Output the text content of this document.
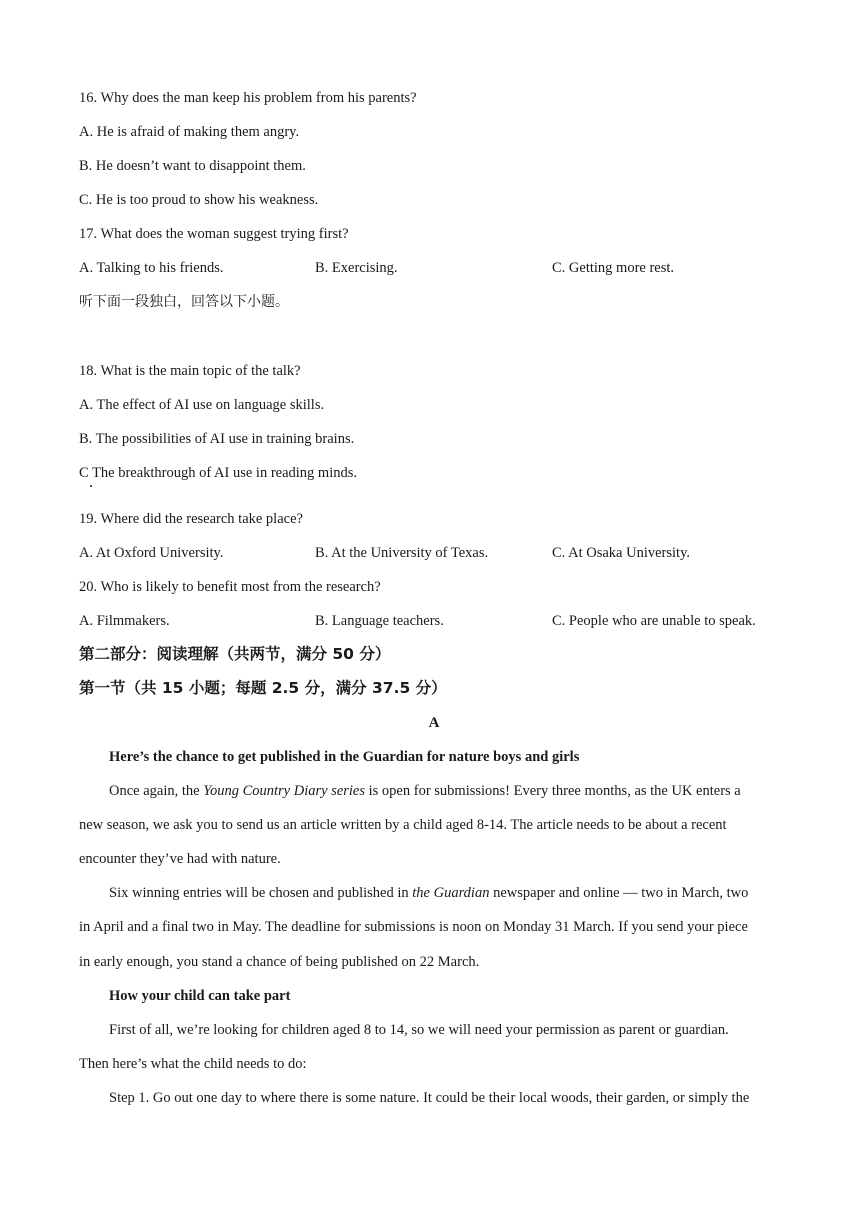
16. Why does the man keep his problem from his parents?
A. He is afraid of making them angry.
B. He doesn’t want to disappoint them.
C. He is too proud to show his weakness.
17. What does the woman suggest trying first?
A. Talking to his friends.	B. Exercising.	C. Getting more rest.
听下面一段独白，回答以下小题。
18. What is the main topic of the talk?
A. The effect of AI use on language skills.
B. The possibilities of AI use in training brains.
C The breakthrough of AI use in reading minds.
19. Where did the research take place?
A. At Oxford University.	B. At the University of Texas.	C. At Osaka University.
20. Who is likely to benefit most from the research?
A. Filmmakers.	B. Language teachers.	C. People who are unable to speak.
第二部分：阅读理解（共两节，满分 50 分）
第一节（共 15 小题；每题 2.5 分，满分 37.5 分）
A
Here’s the chance to get published in the Guardian for nature boys and girls
Once again, the Young Country Diary series is open for submissions! Every three months, as the UK enters a
new season, we ask you to send us an article written by a child aged 8-14. The article needs to be about a recent
encounter they’ve had with nature.
Six winning entries will be chosen and published in the Guardian newspaper and online — two in March, two
in April and a final two in May. The deadline for submissions is noon on Monday 31 March. If you send your piece
in early enough, you stand a chance of being published on 22 March.
How your child can take part
First of all, we’re looking for children aged 8 to 14, so we will need your permission as parent or guardian.
Then here’s what the child needs to do:
Step 1. Go out one day to where there is some nature. It could be their local woods, their garden, or simply the
